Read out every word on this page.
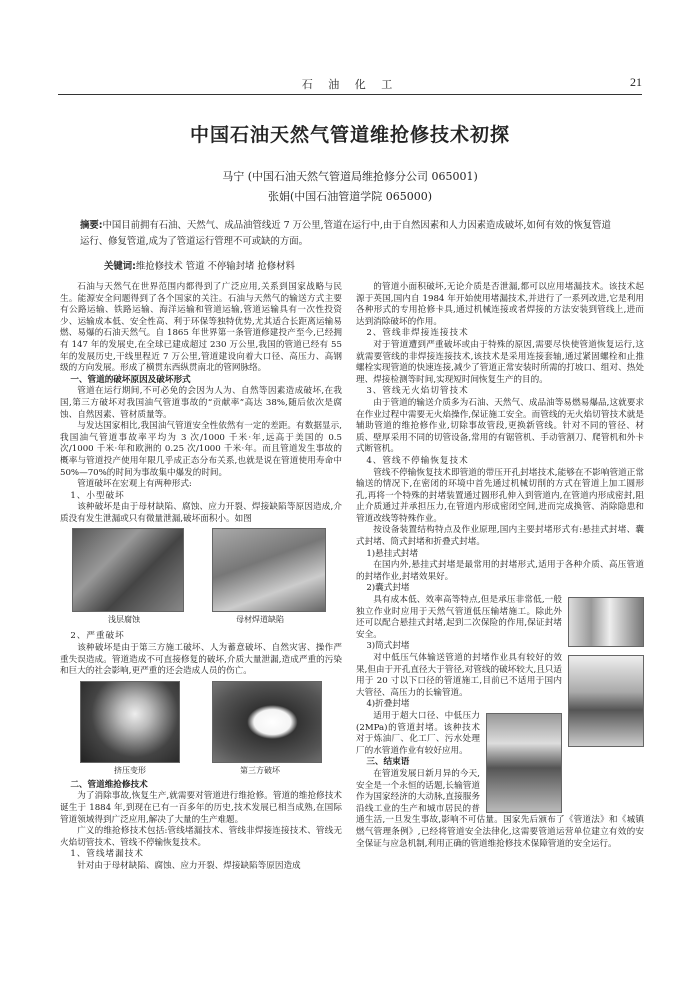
石 油 化 工	21
中国石油天然气管道维抢修技术初探
马宁 (中国石油天然气管道局维抢修分公司 065001)
张娟(中国石油管道学院 065000)
摘要:中国目前拥有石油、天然气、成品油管线近 7 万公里,管道在运行中,由于自然因素和人力因素造成破坏,如何有效的恢复管道运行、修复管道,成为了管道运行管理不可或缺的方面。
关键词:维抢修技术 管道 不停输封堵 抢修材料

石油与天然气在世界范围内都得到了广泛应用,关系到国家战略与民生。能源安全问题得到了各个国家的关注。石油与天然气的输送方式主要有公路运输、铁路运输、海洋运输和管道运输,管道运输具有一次性投资少、运输成本低、安全性高、利于环保等独特优势,尤其适合长距离运输易燃、易爆的石油天然气。自 1865 年世界第一条管道修建投产至今,已经拥有 147 年的发展史,在全球已建成超过 230 万公里,我国的管道已经有 55 年的发展历史,干线里程近 7 万公里,管道建设向着大口径、高压力、高钢级的方向发展。形成了横贯东西纵贯南北的管网脉络。

一、管道的破坏原因及破坏形式

管道在运行期间,不可必免的会因为人为、自然等因素造成破坏,在我国,第三方破坏对我国油气管道事故的“贡献率”高达 38%,随后依次是腐蚀、自然因素、管材质量等。

与发达国家相比,我国油气管道安全性依然有一定的差距。有数据显示,我国油气管道事故率平均为 3 次/1000 千米·年,远高于美国的 0.5 次/1000 千米·年和欧洲的 0.25 次/1000 千米·年。而且管道发生事故的概率与管道投产使用年限几乎成正态分布关系,也就是说在管道使用寿命中 50%—70%的时间为事故集中爆发的时间。

管道破坏在宏观上有两种形式:

1、小型破坏

该种破坏是由于母材缺陷、腐蚀、应力开裂、焊接缺陷等原因造成,介质没有发生泄漏或只有微量泄漏,破坏面积小。如图

浅层腐蚀	母材焊道缺陷

2、严重破坏

该种破坏是由于第三方施工破坏、人为蓄意破坏、自然灾害、操作严重失误造成。管道造成不可直接修复的破坏,介质大量泄漏,造成严重的污染和巨大的社会影响,更严重的还会造成人员的伤亡。

挤压变形	第三方破坏

二、管道维抢修技术

为了消除事故,恢复生产,就需要对管道进行维抢修。管道的维抢修技术诞生于 1884 年,到现在已有一百多年的历史,技术发展已相当成熟,在国际管道领域得到广泛应用,解决了大量的生产难题。

广义的维抢修技术包括:管线堵漏技术、管线非焊接连接技术、管线无火焰切管技术、管线不停输恢复技术。

1、管线堵漏技术

针对由于母材缺陷、腐蚀、应力开裂、焊接缺陷等原因造成

的管道小面积破坏,无论介质是否泄漏,都可以应用堵漏技术。该技术起源于英国,国内自 1984 年开始使用堵漏技术,并进行了一系列改进,它是利用各种形式的专用抢修卡具,通过机械连接或者焊接的方法安装到管线上,进而达到消除破坏的作用。

2、管线非焊接连接技术

对于管道遭到严重破坏或由于特殊的原因,需要尽快使管道恢复运行,这就需要管线的非焊接连接技术,该技术是采用连接套轴,通过紧固螺栓和止推螺栓实现管道的快速连接,减少了管道正常安装时所需的打坡口、组对、热处理、焊接检测等时间,实现短时间恢复生产的目的。

3、管线无火焰切管技术

由于管道的输送介质多为石油、天然气、成品油等易燃易爆品,这就要求在作业过程中需要无火焰操作,保证施工安全。而管线的无火焰切管技术就是辅助管道的维抢修作业,切除事故管段,更换新管线。针对不同的管径、材质、壁厚采用不同的切管设备,常用的有锯管机、手动管割刀、爬管机和外卡式断管机。

4、管线不停输恢复技术

管线不停输恢复技术即管道的带压开孔封堵技术,能够在不影响管道正常输送的情况下,在密闭的环境中首先通过机械切削的方式在管道上加工圆形孔,再将一个特殊的封堵装置通过圆形孔伸入到管道内,在管道内形成密封,阻止介质通过并承担压力,在管道内形成密闭空间,进而完成换管、消除隐患和管道改线等特殊作业。

按设备装置结构特点及作业原理,国内主要封堵形式有:悬挂式封堵、囊式封堵、筒式封堵和折叠式封堵。

1)悬挂式封堵

在国内外,悬挂式封堵是最常用的封堵形式,适用于各种介质、高压管道的封堵作业,封堵效果好。

2)囊式封堵

具有成本低、效率高等特点,但是承压非常低,一般独立作业时应用于天然气管道低压输堵施工。除此外还可以配合悬挂式封堵,起到二次保险的作用,保证封堵安全。

3)筒式封堵

对中低压气体输送管道的封堵作业具有较好的效果,但由于开孔直径大于管径,对管线的破坏较大,且只适用于 20 寸以下口径的管道施工,目前已不适用于国内大管径、高压力的长输管道。

4)折叠封堵

适用于超大口径、中低压力(2MPa)的管道封堵。该种技术对于炼油厂、化工厂、污水处理厂的水管道作业有较好应用。

三、结束语

在管道发展日新月异的今天,安全是一个永恒的话题,长输管道作为国家经济的大动脉,直接服务沿线工业的生产和城市居民的普通生活,一旦发生事故,影响不可估量。国家先后颁布了《管道法》和《城镇燃气管理条例》,已经将管道安全法律化,这需要管道运营单位建立有效的安全保证与应急机制,利用正确的管道维抢修技术保障管道的安全运行。
